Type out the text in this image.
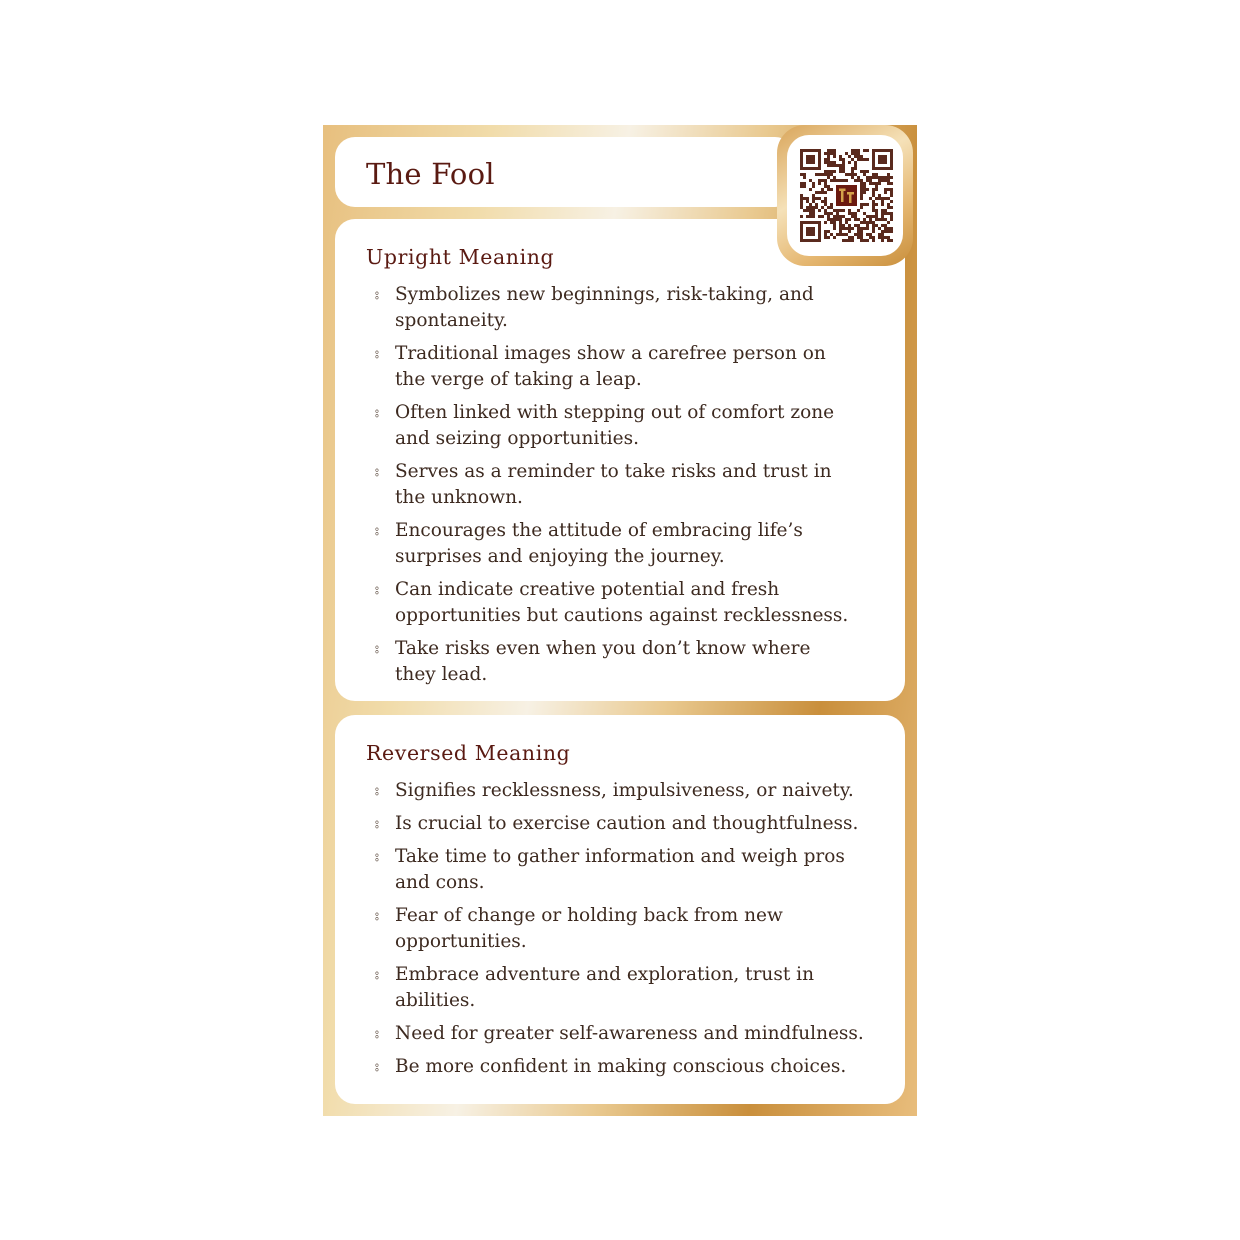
The Fool
Upright Meaning
⦂ Symbolizes new beginnings, risk-taking, and spontaneity.
⦂ Traditional images show a carefree person on the verge of taking a leap.
⦂ Often linked with stepping out of comfort zone and seizing opportunities.
⦂ Serves as a reminder to take risks and trust in the unknown.
⦂ Encourages the attitude of embracing life’s surprises and enjoying the journey.
⦂ Can indicate creative potential and fresh opportunities but cautions against recklessness.
⦂ Take risks even when you don’t know where they lead.
Reversed Meaning
⦂ Signifies recklessness, impulsiveness, or naivety.
⦂ Is crucial to exercise caution and thoughtfulness.
⦂ Take time to gather information and weigh pros and cons.
⦂ Fear of change or holding back from new opportunities.
⦂ Embrace adventure and exploration, trust in abilities.
⦂ Need for greater self-awareness and mindfulness.
⦂ Be more confident in making conscious choices.
